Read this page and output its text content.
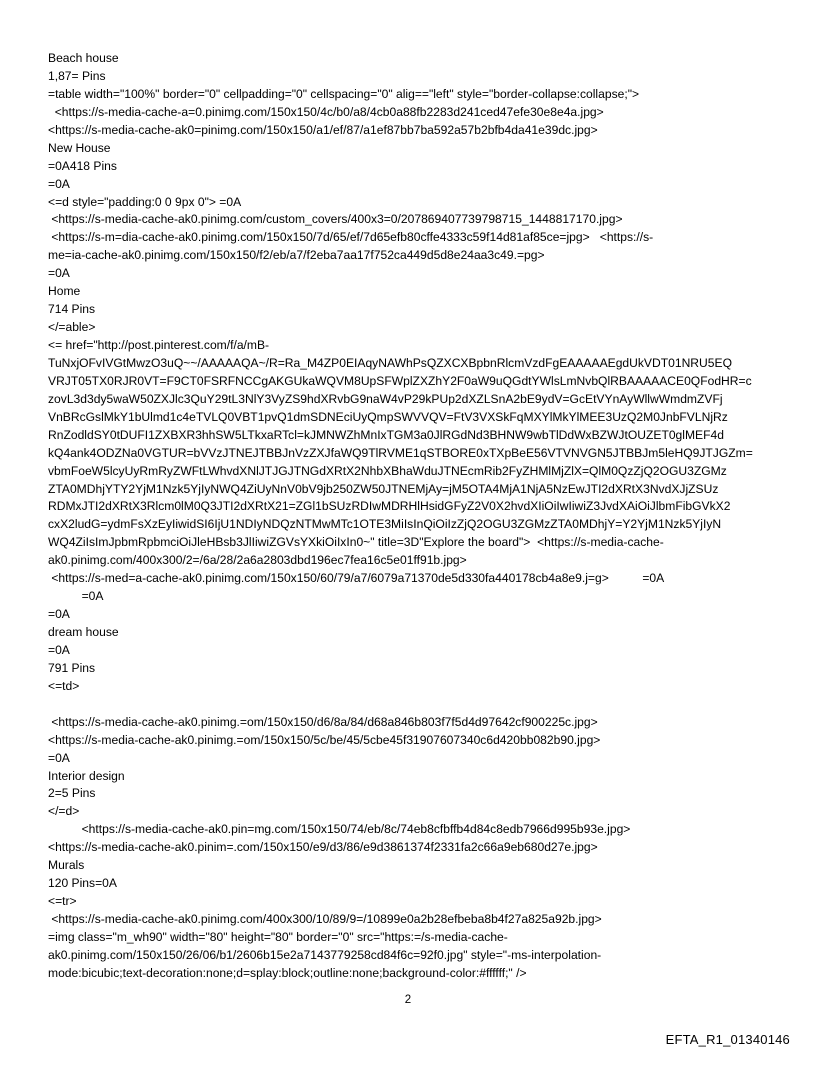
Beach house
1,87= Pins
=table width="100%" border="0" cellpadding="0" cellspacing="0" alig=="left" style="border-collapse:collapse;">
<https://s-media-cache-a=0.pinimg.com/150x150/4c/b0/a8/4cb0a88fb2283d241ced47efe30e8e4a.jpg>
<https://s-media-cache-ak0=pinimg.com/150x150/a1/ef/87/a1ef87bb7ba592a57b2bfb4da41e39dc.jpg>
New House
=0A418 Pins
=0A
<=d style="padding:0 0 9px 0"> =0A
<https://s-media-cache-ak0.pinimg.com/custom_covers/400x3=0/207869407739798715_1448817170.jpg>
<https://s-m=dia-cache-ak0.pinimg.com/150x150/7d/65/ef/7d65efb80cffe4333c59f14d81af85ce=jpg>   <https://s-
me=ia-cache-ak0.pinimg.com/150x150/f2/eb/a7/f2eba7aa17f752ca449d5d8e24aa3c49.=pg>
=0A
Home
714 Pins
</=able>
<= href="http://post.pinterest.com/f/a/mB-
TuNxjOFvIVGtMwzO3uQ~~/AAAAAQA~/R=Ra_M4ZP0EIAqyNAWhPsQZXCXBpbnRlcmVzdFgEAAAAAEgdUkVDT01NRU5EQ
VRJT05TX0RJR0VT=F9CT0FSRFNCCgAKGUkaWQVM8UpSFWplZXZhY2F0aW9uQGdtYWlsLmNvbQlRBAAAAACE0QFodHR=c
zovL3d3dy5waW50ZXJlc3QuY29tL3NlY3VyZS9hdXRvbG9naW4vP29kPUp2dXZLSnA2bE9ydV=GcEtVYnAyWllwWmdmZVFj
VnBRcGslMkY1bUlmd1c4eTVLQ0VBT1pvQ1dmSDNEciUyQmpSWVVQV=FtV3VXSkFqMXYlMkYlMEE3UzQ2M0JnbFVLNjRz
RnZodldSY0tDUFI1ZXBXR3hhSW5LTkxaRTcl=kJMNWZhMnIxTGM3a0JlRGdNd3BHNW9wbTlDdWxBZWJtOUZET0glMEF4d
kQ4ank4ODZNa0VGTUR=bVVzJTNEJTBBJnVzZXJfaWQ9TlRVME1qSTBORE0xTXpBeE56VTVNVGN5JTBBJm5leHQ9JTJGZm=
vbmFoeW5lcyUyRmRyZWFtLWhvdXNlJTJGJTNGdXRtX2NhbXBhaWduJTNEcmRib2FyZHMlMjZlX=QlM0QzZjQ2OGU3ZGMz
ZTA0MDhjYTY2YjM1Nzk5YjIyNWQ4ZiUyNnV0bV9jb250ZW50JTNEMjAy=jM5OTA4MjA1NjA5NzEwJTI2dXRtX3NvdXJjZSUz
RDMxJTI2dXRtX3Rlcm0lM0Q3JTI2dXRtX21=ZGl1bSUzRDIwMDRHlHsidGFyZ2V0X2hvdXIiOiIwIiwiZ3JvdXAiOiJlbmFibGVkX2
cxX2ludG=ydmFsXzEyIiwidSI6IjU1NDIyNDQzNTMwMTc1OTE3MiIsInQiOiIzZjQ2OGU3ZGMzZTA0MDhjY=Y2YjM1Nzk5YjIyN
WQ4ZiIsImJpbmRpbmciOiJleHBsb3JlIiwiZGVsYXkiOiIxIn0~" title=3D"Explore the board">  <https://s-media-cache-
ak0.pinimg.com/400x300/2=/6a/28/2a6a2803dbd196ec7fea16c5e01ff91b.jpg>
<https://s-med=a-cache-ak0.pinimg.com/150x150/60/79/a7/6079a71370de5d330fa440178cb4a8e9.j=g>          =0A
=0A
=0A
dream house
=0A
791 Pins
<=td>
<https://s-media-cache-ak0.pinimg.=om/150x150/d6/8a/84/d68a846b803f7f5d4d97642cf900225c.jpg>
<https://s-media-cache-ak0.pinimg.=om/150x150/5c/be/45/5cbe45f31907607340c6d420bb082b90.jpg>
=0A
Interior design
2=5 Pins
</=d>
<https://s-media-cache-ak0.pin=mg.com/150x150/74/eb/8c/74eb8cfbffb4d84c8edb7966d995b93e.jpg>
<https://s-media-cache-ak0.pinim=.com/150x150/e9/d3/86/e9d3861374f2331fa2c66a9eb680d27e.jpg>
Murals
120 Pins=0A
<=tr>
<https://s-media-cache-ak0.pinimg.com/400x300/10/89/9=/10899e0a2b28efbeba8b4f27a825a92b.jpg>
=img class="m_wh90" width="80" height="80" border="0" src="https:=/s-media-cache-
ak0.pinimg.com/150x150/26/06/b1/2606b15e2a7143779258cd84f6c=92f0.jpg" style="-ms-interpolation-
mode:bicubic;text-decoration:none;d=splay:block;outline:none;background-color:#ffffff;" />
2
EFTA_R1_01340146
